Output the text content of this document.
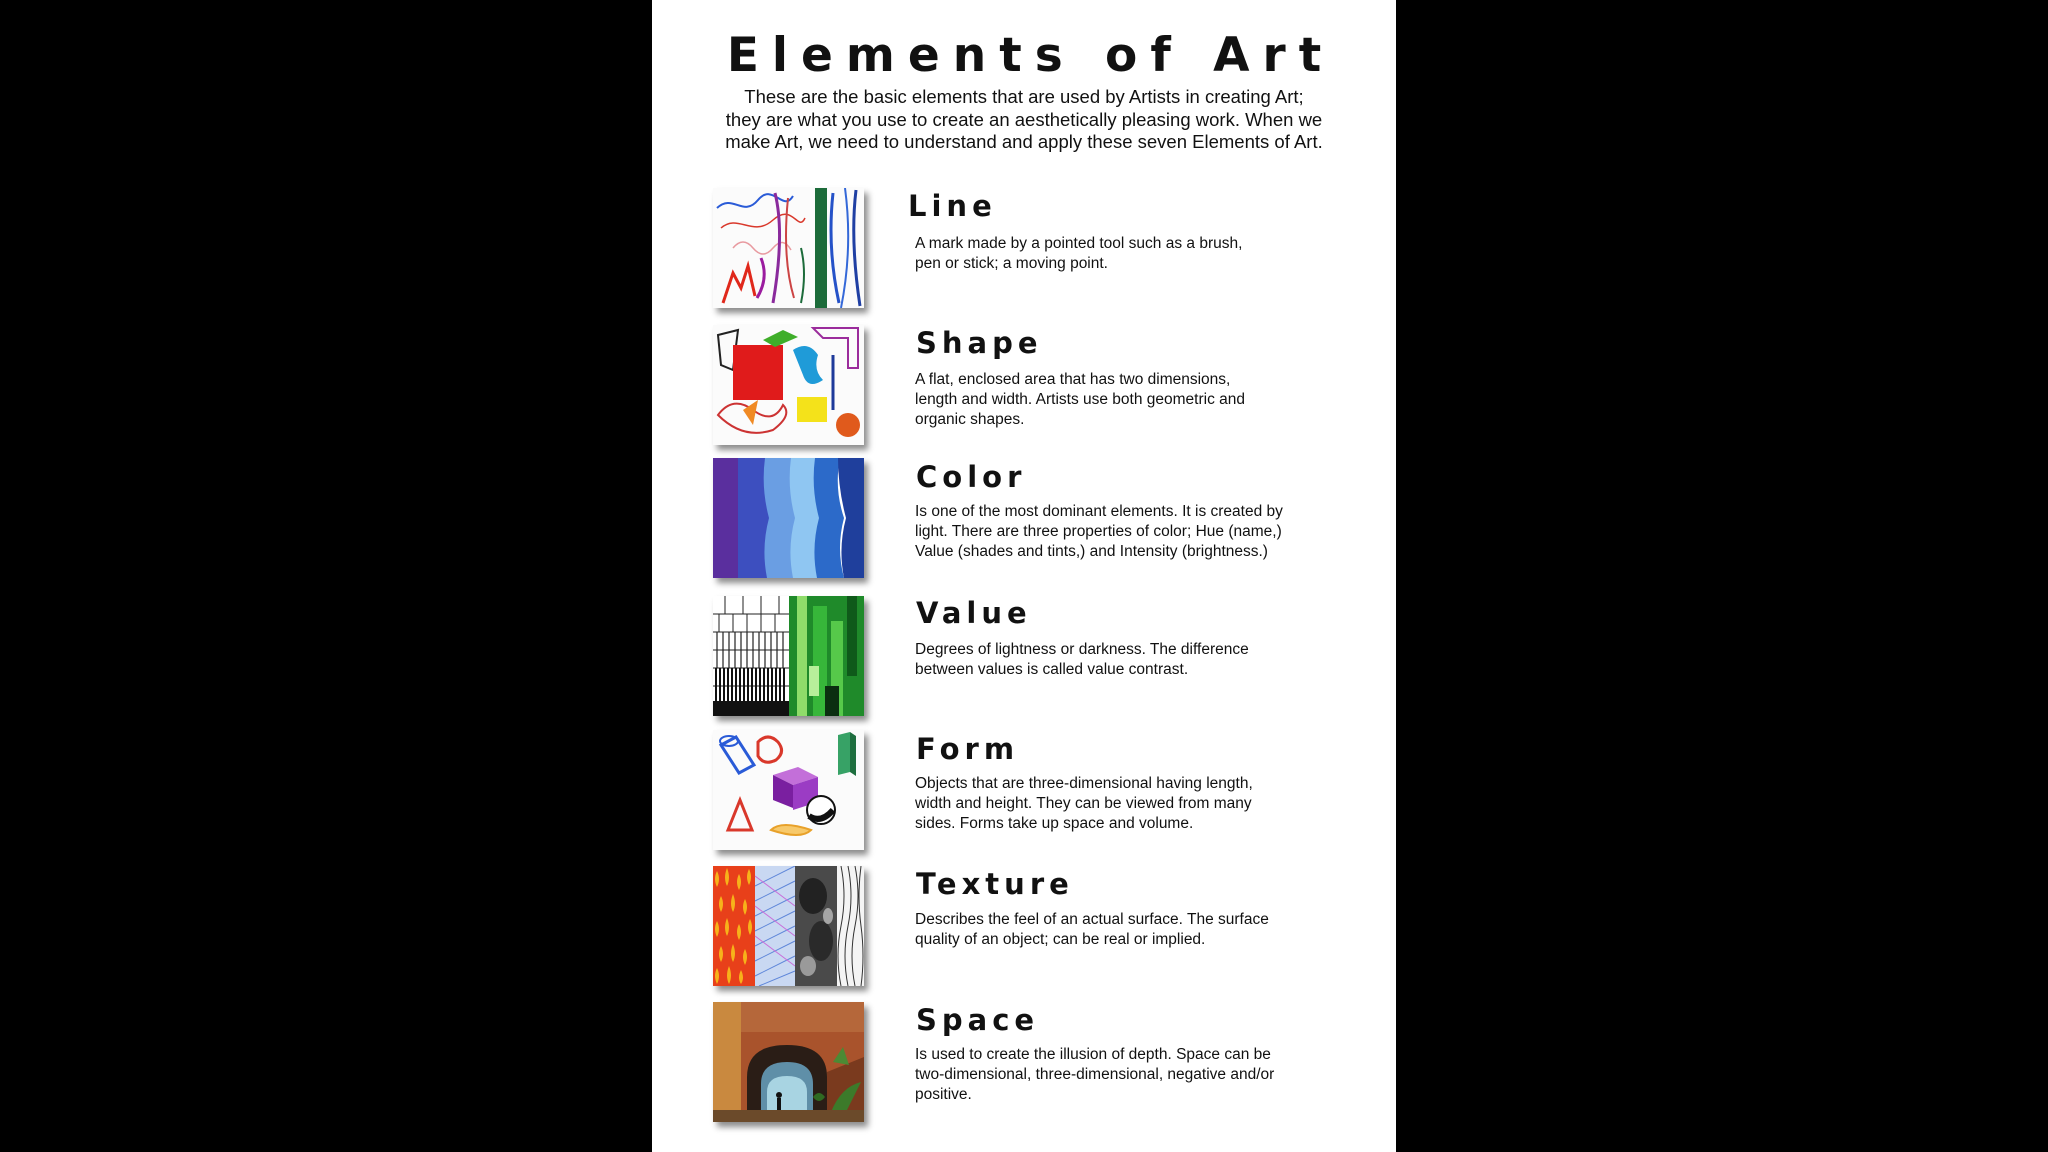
Elements of Art

These are the basic elements that are used by Artists in creating Art;
they are what you use to create an aesthetically pleasing work. When we
make Art, we need to understand and apply these seven Elements of Art.

Line

A mark made by a pointed tool such as a brush,
pen or stick; a moving point.

Shape

A flat, enclosed area that has two dimensions,
length and width. Artists use both geometric and
organic shapes.

Color

Is one of the most dominant elements. It is created by
light. There are three properties of color; Hue (name,)
Value (shades and tints,) and Intensity (brightness.)

Value

Degrees of lightness or darkness. The difference
between values is called value contrast.

Form

Objects that are three-dimensional having length,
width and height. They can be viewed from many
sides. Forms take up space and volume.

Texture

Describes the feel of an actual surface. The surface
quality of an object; can be real or implied.

Space

Is used to create the illusion of depth. Space can be
two-dimensional, three-dimensional, negative and/or
positive.
